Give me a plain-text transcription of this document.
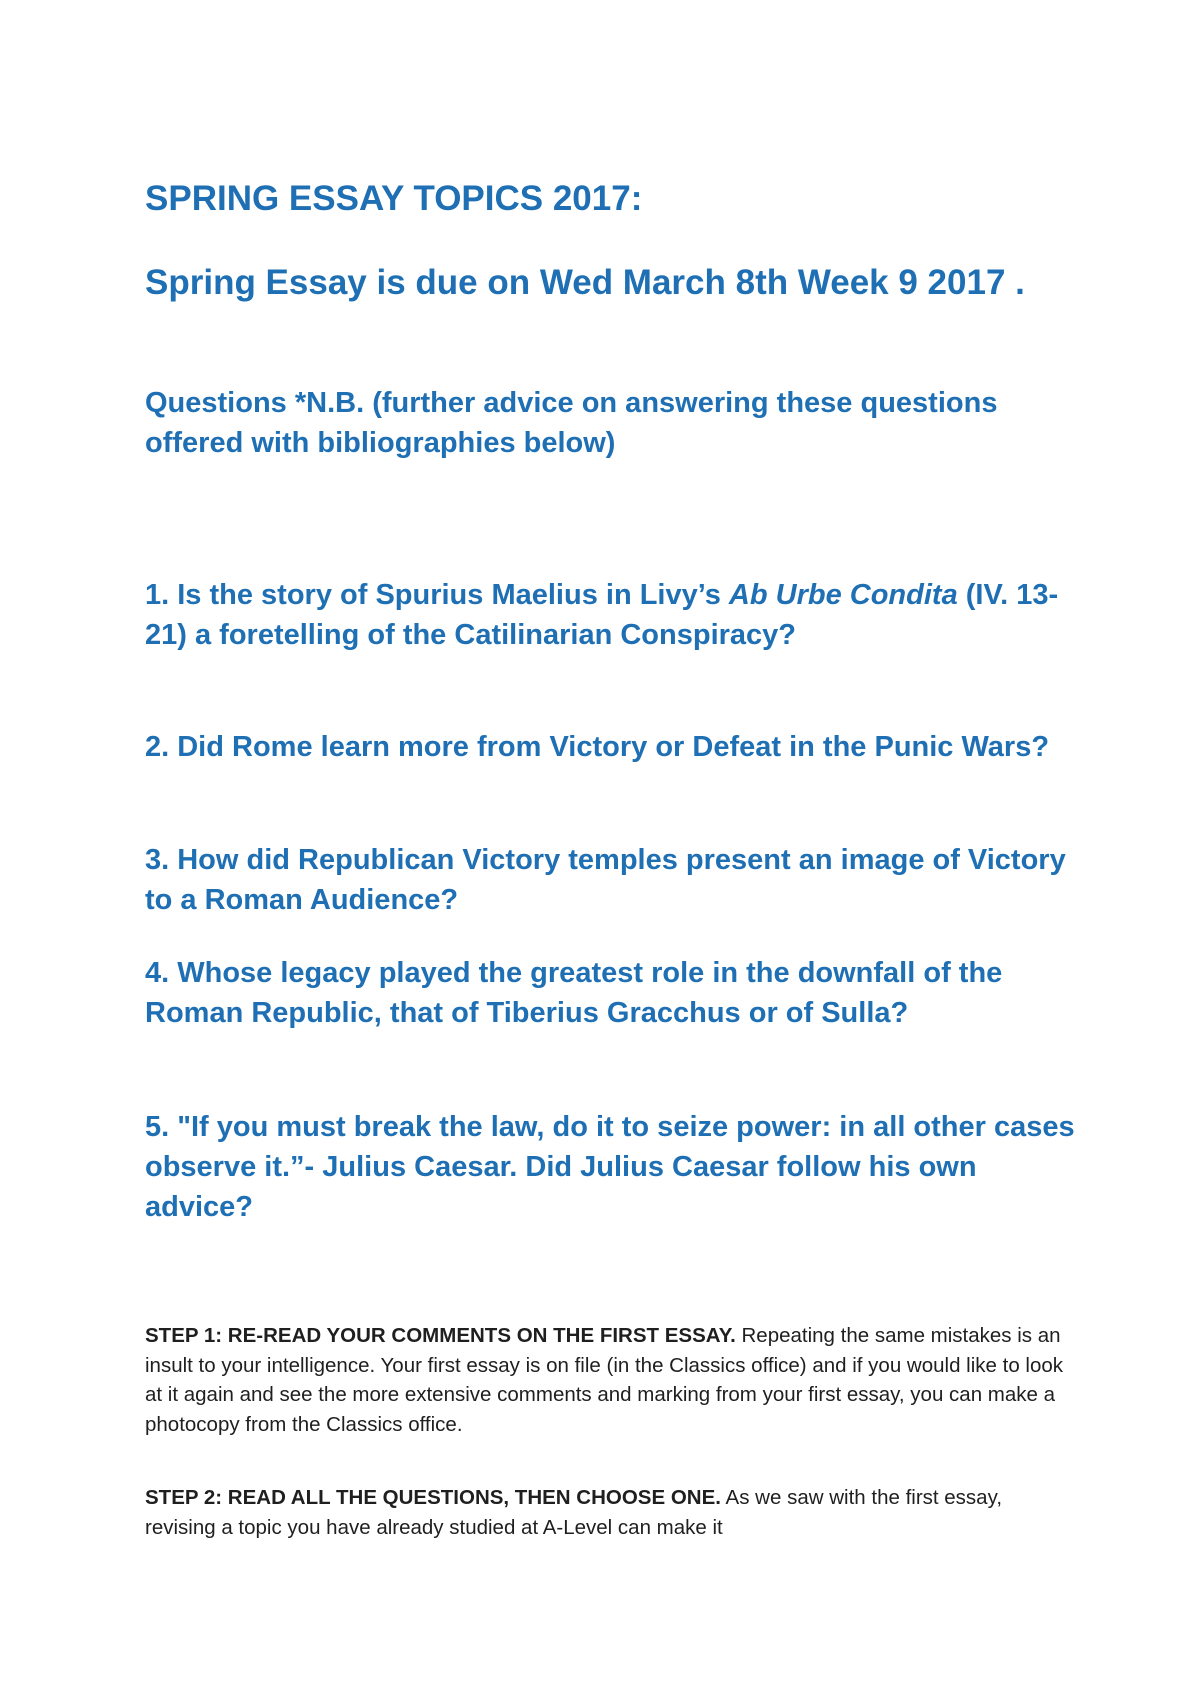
SPRING ESSAY TOPICS 2017:
Spring Essay is due on Wed March 8th Week 9 2017 .

Questions *N.B. (further advice on answering these questions offered with bibliographies below)

1. Is the story of Spurius Maelius in Livy’s Ab Urbe Condita (IV. 13-21) a foretelling of the Catilinarian Conspiracy?

2. Did Rome learn more from Victory or Defeat in the Punic Wars?

3. How did Republican Victory temples present an image of Victory to a Roman Audience?

4. Whose legacy played the greatest role in the downfall of the Roman Republic, that of Tiberius Gracchus or of Sulla?

5. "If you must break the law, do it to seize power: in all other cases observe it.”- Julius Caesar. Did Julius Caesar follow his own advice?

STEP 1: RE-READ YOUR COMMENTS ON THE FIRST ESSAY. Repeating the same mistakes is an insult to your intelligence. Your first essay is on file (in the Classics office) and if you would like to look at it again and see the more extensive comments and marking from your first essay, you can make a photocopy from the Classics office.

STEP 2: READ ALL THE QUESTIONS, THEN CHOOSE ONE. As we saw with the first essay, revising a topic you have already studied at A-Level can make it
